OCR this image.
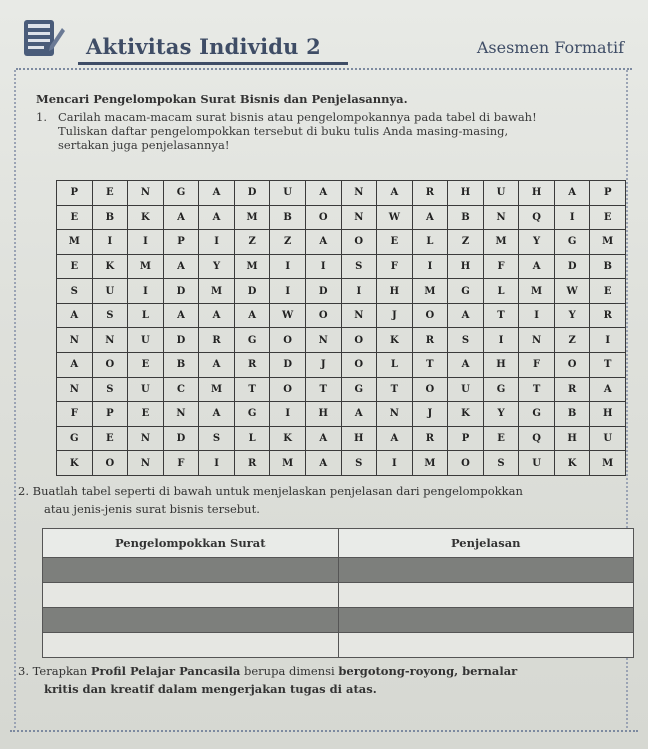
Aktivitas Individu 2	Asesmen Formatif
Mencari Pengelompokan Surat Bisnis dan Penjelasannya.
1. Carilah macam-macam surat bisnis atau pengelompokannya pada tabel di bawah!
Tuliskan daftar pengelompokkan tersebut di buku tulis Anda masing-masing,
sertakan juga penjelasannya!
P	E	N	G	A	D	U	A	N	A	R	H	U	H	A	P
E	B	K	A	A	M	B	O	N	W	A	B	N	Q	I	E
M	I	I	P	I	Z	Z	A	O	E	L	Z	M	Y	G	M
E	K	M	A	Y	M	I	I	S	F	I	H	F	A	D	B
S	U	I	D	M	D	I	D	I	H	M	G	L	M	W	E
A	S	L	A	A	A	W	O	N	J	O	A	T	I	Y	R
N	N	U	D	R	G	O	N	O	K	R	S	I	N	Z	I
A	O	E	B	A	R	D	J	O	L	T	A	H	F	O	T
N	S	U	C	M	T	O	T	G	T	O	U	G	T	R	A
F	P	E	N	A	G	I	H	A	N	J	K	Y	G	B	H
G	E	N	D	S	L	K	A	H	A	R	P	E	Q	H	U
K	O	N	F	I	R	M	A	S	I	M	O	S	U	K	M
2. Buatlah tabel seperti di bawah untuk menjelaskan penjelasan dari pengelompokkan
atau jenis-jenis surat bisnis tersebut.
Pengelompokkan Surat	Penjelasan

3. Terapkan Profil Pelajar Pancasila berupa dimensi bergotong-royong, bernalar
kritis dan kreatif dalam mengerjakan tugas di atas.
